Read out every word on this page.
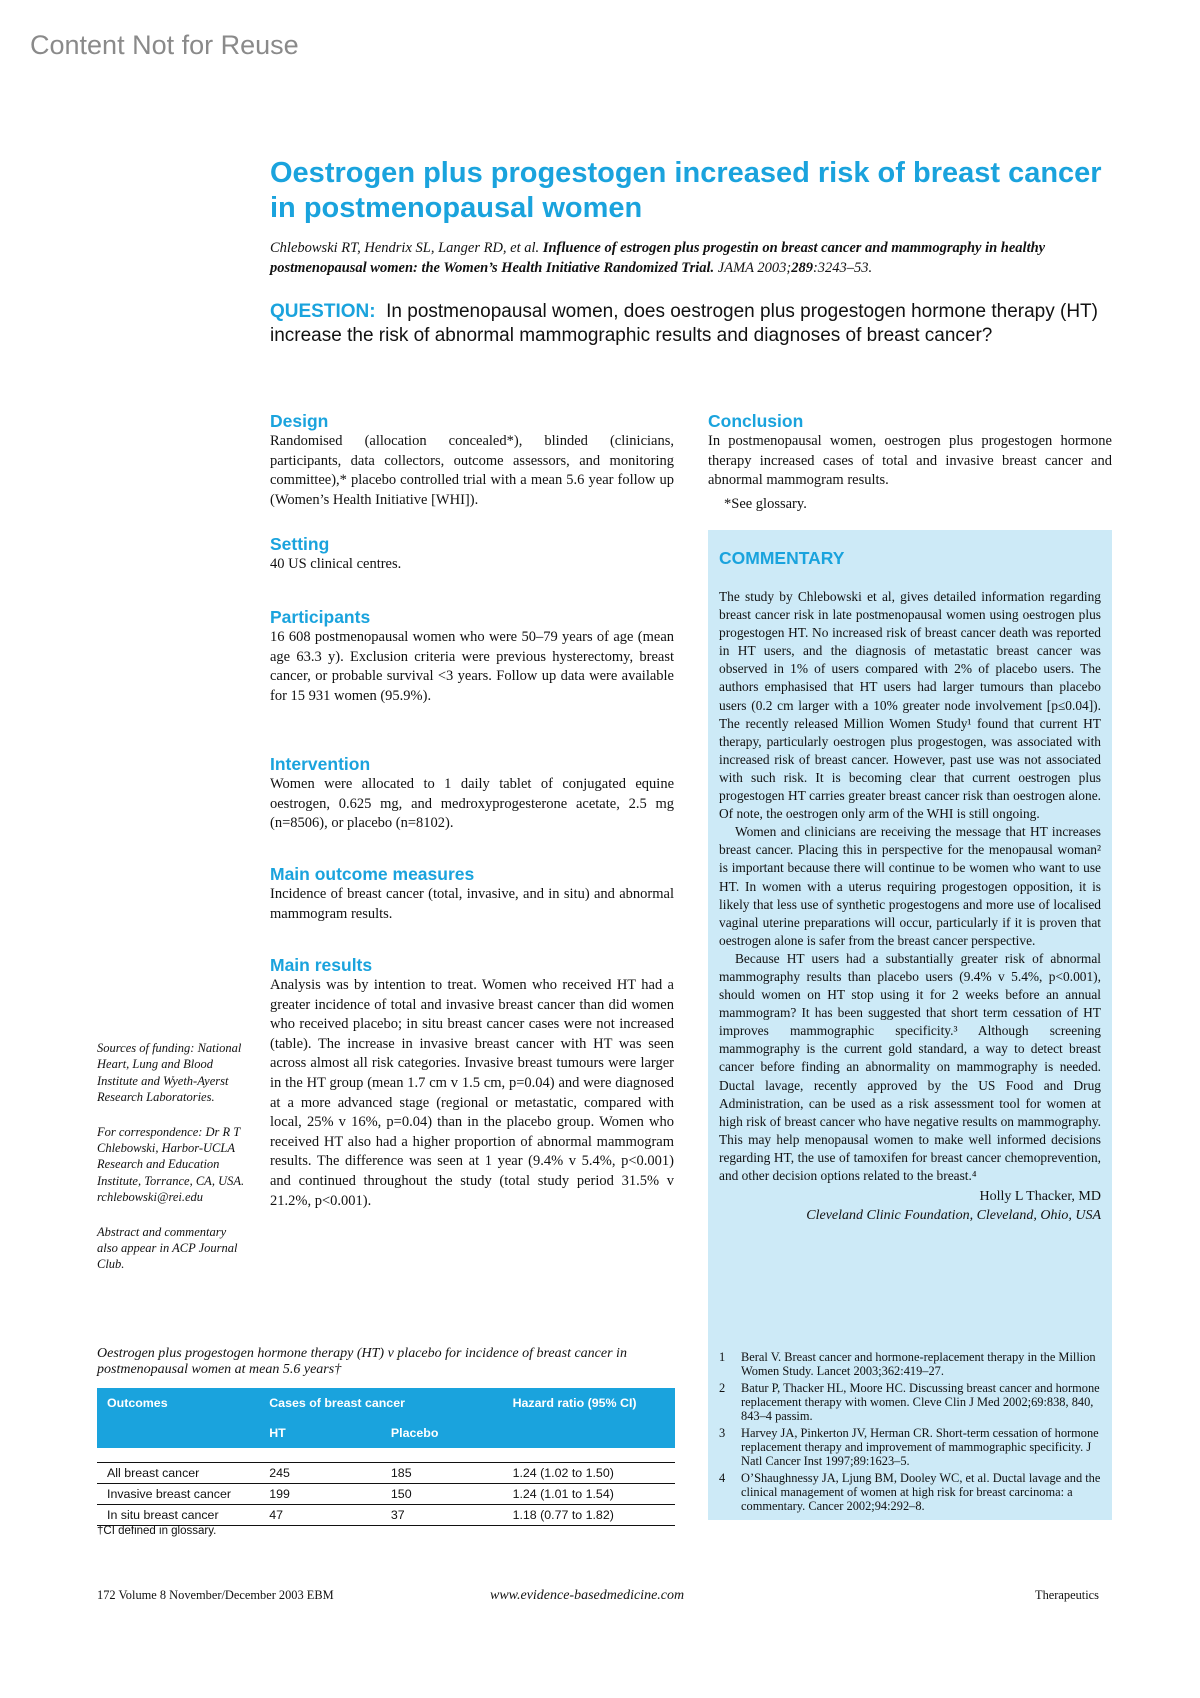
Content Not for Reuse
Oestrogen plus progestogen increased risk of breast cancer in postmenopausal women
Chlebowski RT, Hendrix SL, Langer RD, et al. Influence of estrogen plus progestin on breast cancer and mammography in healthy postmenopausal women: the Women’s Health Initiative Randomized Trial. JAMA 2003;289:3243–53.
QUESTION: In postmenopausal women, does oestrogen plus progestogen hormone therapy (HT) increase the risk of abnormal mammographic results and diagnoses of breast cancer?
Design

Randomised (allocation concealed*), blinded (clinicians, participants, data collectors, outcome assessors, and monitoring committee),* placebo controlled trial with a mean 5.6 year follow up (Women’s Health Initiative [WHI]).

Setting

40 US clinical centres.

Participants

16 608 postmenopausal women who were 50–79 years of age (mean age 63.3 y). Exclusion criteria were previous hysterectomy, breast cancer, or probable survival <3 years. Follow up data were available for 15 931 women (95.9%).

Intervention

Women were allocated to 1 daily tablet of conjugated equine oestrogen, 0.625 mg, and medroxyprogesterone acetate, 2.5 mg (n=8506), or placebo (n=8102).

Main outcome measures

Incidence of breast cancer (total, invasive, and in situ) and abnormal mammogram results.

Main results

Analysis was by intention to treat. Women who received HT had a greater incidence of total and invasive breast cancer than did women who received placebo; in situ breast cancer cases were not increased (table). The increase in invasive breast cancer with HT was seen across almost all risk categories. Invasive breast tumours were larger in the HT group (mean 1.7 cm v 1.5 cm, p=0.04) and were diagnosed at a more advanced stage (regional or metastatic, compared with local, 25% v 16%, p=0.04) than in the placebo group. Women who received HT also had a higher proportion of abnormal mammogram results. The difference was seen at 1 year (9.4% v 5.4%, p<0.001) and continued throughout the study (total study period 31.5% v 21.2%, p<0.001).

Conclusion

In postmenopausal women, oestrogen plus progestogen hormone therapy increased cases of total and invasive breast cancer and abnormal mammogram results.

*See glossary.

COMMENTARY

The study by Chlebowski et al, gives detailed information regarding breast cancer risk in late postmenopausal women using oestrogen plus progestogen HT. No increased risk of breast cancer death was reported in HT users, and the diagnosis of metastatic breast cancer was observed in 1% of users compared with 2% of placebo users. The authors emphasised that HT users had larger tumours than placebo users (0.2 cm larger with a 10% greater node involvement [p≤0.04]). The recently released Million Women Study¹ found that current HT therapy, particularly oestrogen plus progestogen, was associated with increased risk of breast cancer. However, past use was not associated with such risk. It is becoming clear that current oestrogen plus progestogen HT carries greater breast cancer risk than oestrogen alone. Of note, the oestrogen only arm of the WHI is still ongoing.

Women and clinicians are receiving the message that HT increases breast cancer. Placing this in perspective for the menopausal woman² is important because there will continue to be women who want to use HT. In women with a uterus requiring progestogen opposition, it is likely that less use of synthetic progestogens and more use of localised vaginal uterine preparations will occur, particularly if it is proven that oestrogen alone is safer from the breast cancer perspective.

Because HT users had a substantially greater risk of abnormal mammography results than placebo users (9.4% v 5.4%, p<0.001), should women on HT stop using it for 2 weeks before an annual mammogram? It has been suggested that short term cessation of HT improves mammographic specificity.³ Although screening mammography is the current gold standard, a way to detect breast cancer before finding an abnormality on mammography is needed. Ductal lavage, recently approved by the US Food and Drug Administration, can be used as a risk assessment tool for women at high risk of breast cancer who have negative results on mammography. This may help menopausal women to make well informed decisions regarding HT, the use of tamoxifen for breast cancer chemoprevention, and other decision options related to the breast.⁴

Holly L Thacker, MD
Cleveland Clinic Foundation, Cleveland, Ohio, USA
1	Beral V. Breast cancer and hormone-replacement therapy in the Million Women Study. Lancet 2003;362:419–27.
2	Batur P, Thacker HL, Moore HC. Discussing breast cancer and hormone replacement therapy with women. Cleve Clin J Med 2002;69:838, 840, 843–4 passim.
3	Harvey JA, Pinkerton JV, Herman CR. Short-term cessation of hormone replacement therapy and improvement of mammographic specificity. J Natl Cancer Inst 1997;89:1623–5.
4	O’Shaughnessy JA, Ljung BM, Dooley WC, et al. Ductal lavage and the clinical management of women at high risk for breast carcinoma: a commentary. Cancer 2002;94:292–8.

Sources of funding: National Heart, Lung and Blood Institute and Wyeth-Ayerst Research Laboratories.

For correspondence: Dr R T Chlebowski, Harbor-UCLA Research and Education Institute, Torrance, CA, USA. rchlebowski@rei.edu

Abstract and commentary also appear in ACP Journal Club.

Oestrogen plus progestogen hormone therapy (HT) v placebo for incidence of breast cancer in postmenopausal women at mean 5.6 years†
Outcomes	Cases of breast cancer		Hazard ratio (95% CI)
	HT	Placebo	

All breast cancer	245	185	1.24 (1.02 to 1.50)
Invasive breast cancer	199	150	1.24 (1.01 to 1.54)
In situ breast cancer	47	37	1.18 (0.77 to 1.82)
†CI defined in glossary.
172 Volume 8 November/December 2003 EBM	www.evidence-basedmedicine.com	Therapeutics
